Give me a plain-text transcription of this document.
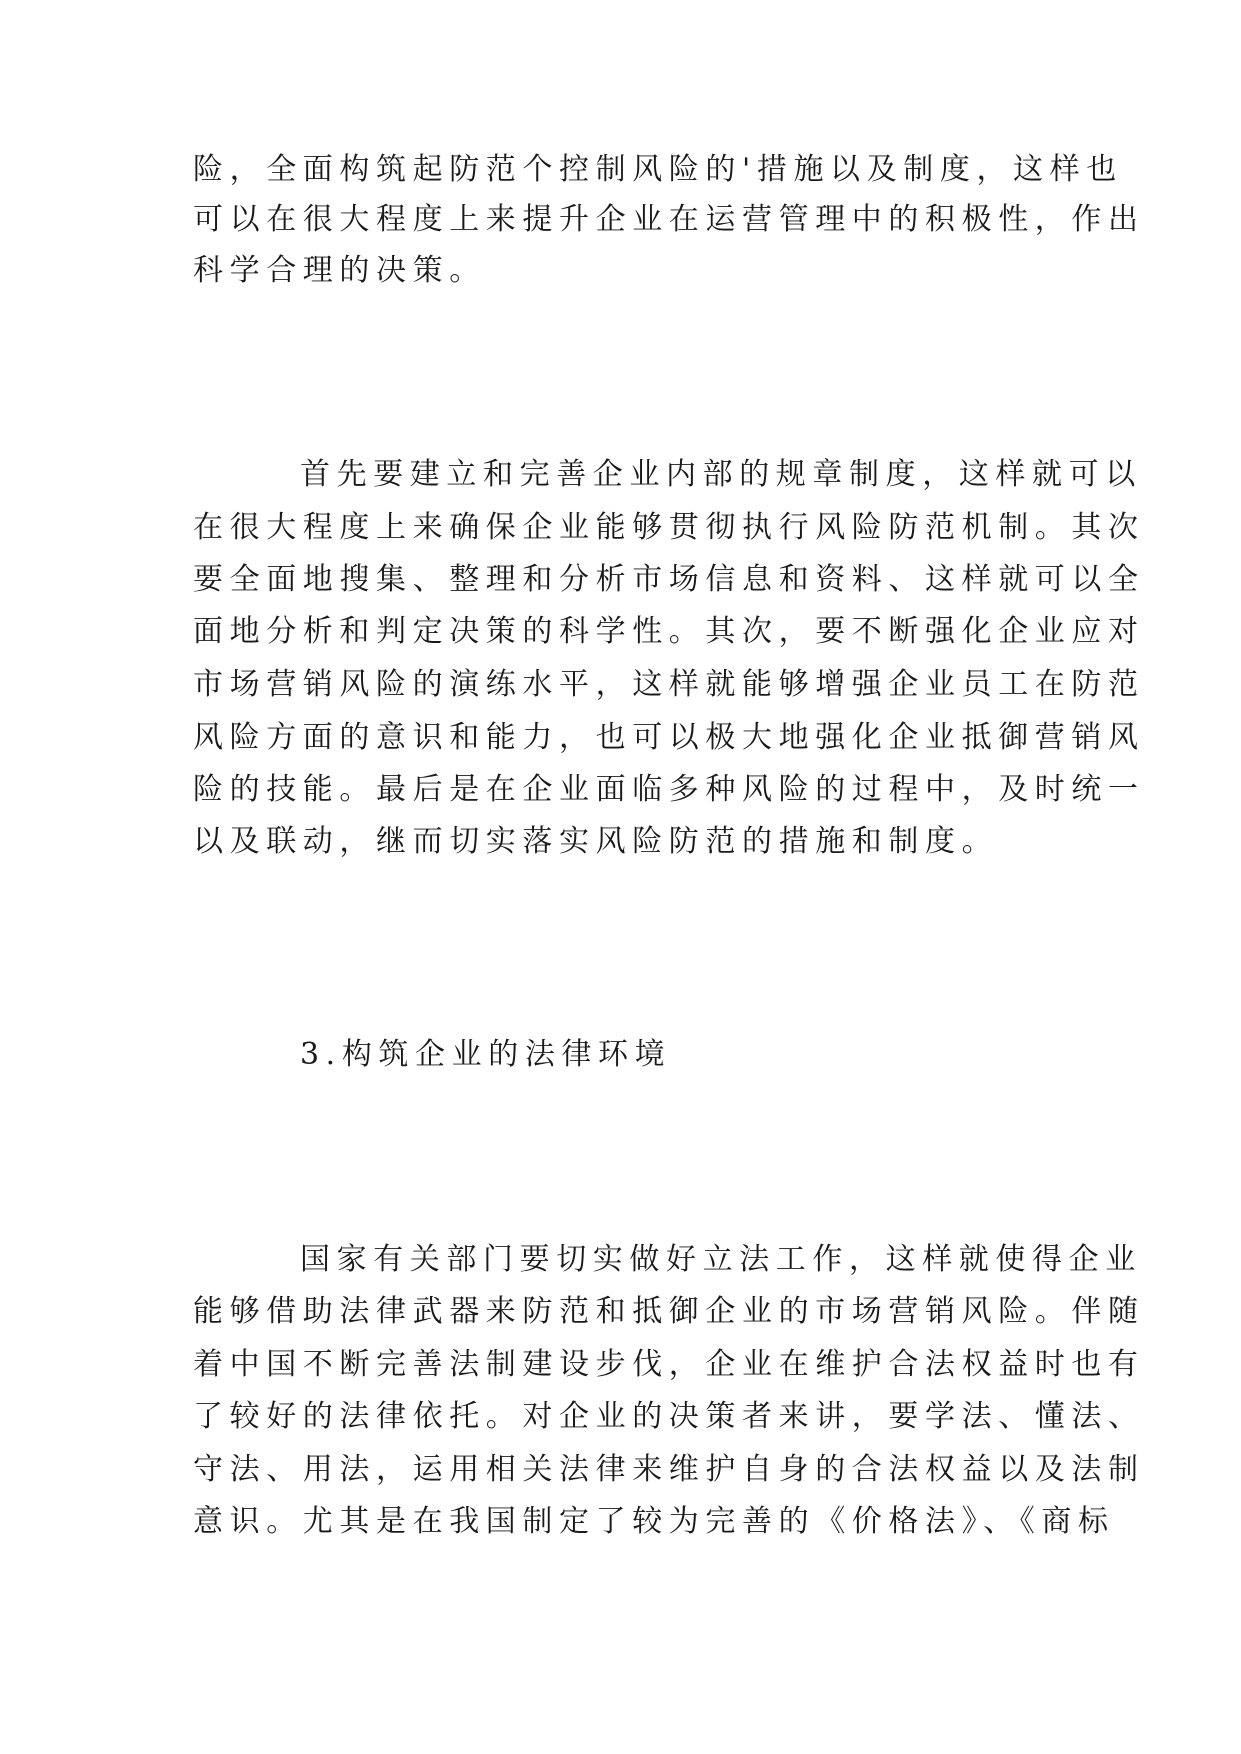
险，全面构筑起防范个控制风险的'措施以及制度，这样也
可以在很大程度上来提升企业在运营管理中的积极性，作出
科学合理的决策。
首先要建立和完善企业内部的规章制度，这样就可以
在很大程度上来确保企业能够贯彻执行风险防范机制。其次
要全面地搜集、整理和分析市场信息和资料、这样就可以全
面地分析和判定决策的科学性。其次，要不断强化企业应对
市场营销风险的演练水平，这样就能够增强企业员工在防范
风险方面的意识和能力，也可以极大地强化企业抵御营销风
险的技能。最后是在企业面临多种风险的过程中，及时统一
以及联动，继而切实落实风险防范的措施和制度。
3.构筑企业的法律环境
国家有关部门要切实做好立法工作，这样就使得企业
能够借助法律武器来防范和抵御企业的市场营销风险。伴随
着中国不断完善法制建设步伐，企业在维护合法权益时也有
了较好的法律依托。对企业的决策者来讲，要学法、懂法、
守法、用法，运用相关法律来维护自身的合法权益以及法制
意识。尤其是在我国制定了较为完善的《价格法》、《商标
